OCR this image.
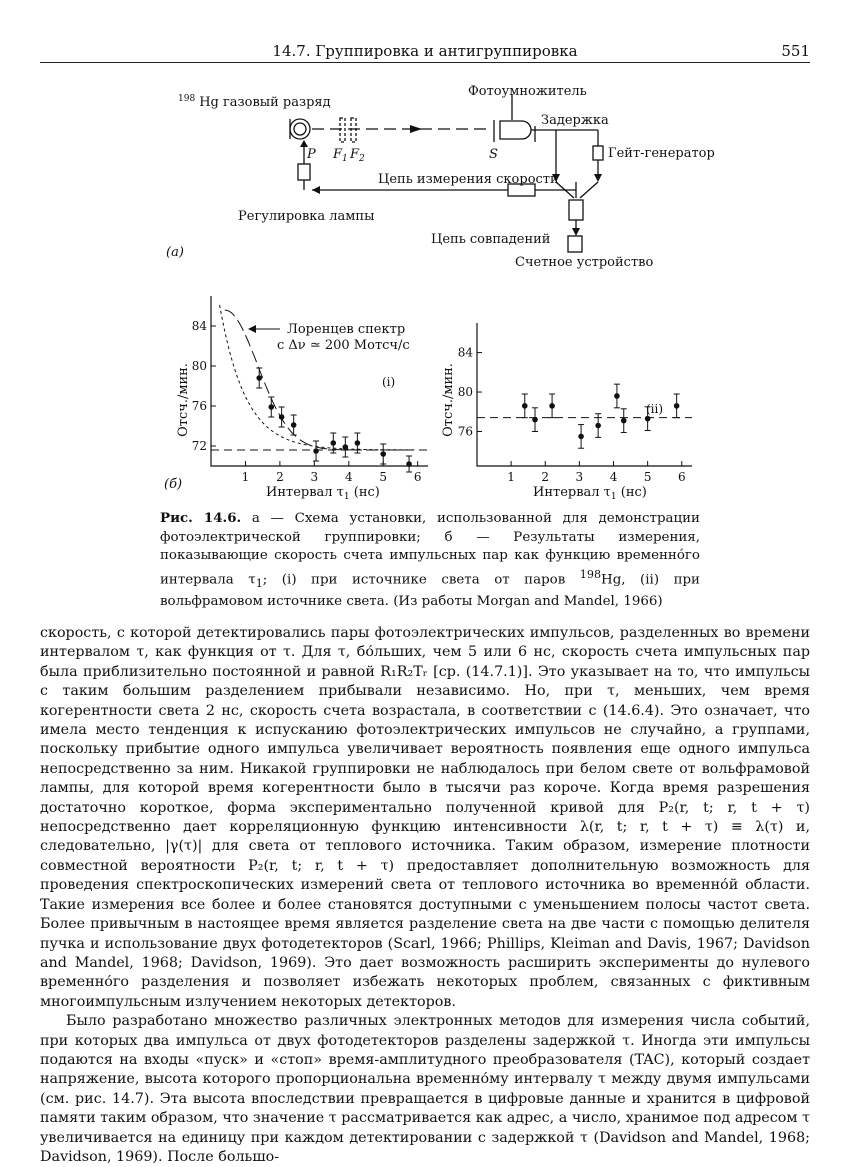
14.7. Группировка и антигруппировка	551
$^{198}$ Hg газовый разряд
Фотоумножитель
Задержка
Гейт-генератор
Цепь измерения скорости
Регулировка лампы
Цепь совпадений
Счетное устройство
P $F_1$ $F_2$	S
(a)
1 2 3 4 5 6
72
76
80
84
(i)
1 2 3 4 5 6
76
80
84
(ii)
(б)
Интервал $\tau_1$ (нс)	Интервал $\tau_1$ (нс)
Отсч./мин.	Отсч./мин.
Лоренцев спектр
с Δν ≃ 200 Мотсч/с
Рис. 14.6. а — Схема установки, использованной для демонстрации фотоэлектрической группировки; б — Результаты измерения, показывающие скорость счета импульсных пар как функцию временно́го интервала $\tau_1$; (i) при источнике света от паров $^{198}$Hg, (ii) при вольфрамовом источнике света. (Из работы Morgan and Mandel, 1966)

скорость, с которой детектировались пары фотоэлектрических импульсов, разделенных во времени интервалом τ, как функция от τ. Для τ, бо́льших, чем 5 или 6 нс, скорость счета импульсных пар была приблизительно постоянной и равной R₁R₂Tᵣ [ср. (14.7.1)]. Это указывает на то, что импульсы с таким большим разделением прибывали независимо. Но, при τ, меньших, чем время когерентности света 2 нс, скорость счета возрастала, в соответствии с (14.6.4). Это означает, что имела место тенденция к испусканию фотоэлектрических импульсов не случайно, а группами, поскольку прибытие одного импульса увеличивает вероятность появления еще одного импульса непосредственно за ним. Никакой группировки не наблюдалось при белом свете от вольфрамовой лампы, для которой время когерентности было в тысячи раз короче. Когда время разрешения достаточно короткое, форма экспериментально полученной кривой для P₂(r, t; r, t + τ) непосредственно дает корреляционную функцию интенсивности λ(r, t; r, t + τ) ≡ λ(τ) и, следовательно, |γ(τ)| для света от теплового источника. Таким образом, измерение плотности совместной вероятности P₂(r, t; r, t + τ) предоставляет дополнительную возможность для проведения спектроскопических измерений света от теплового источника во временно́й области. Такие измерения все более и более становятся доступными с уменьшением полосы частот света. Более привычным в настоящее время является разделение света на две части с помощью делителя пучка и использование двух фотодетекторов (Scarl, 1966; Phillips, Kleiman and Davis, 1967; Davidson and Mandel, 1968; Davidson, 1969). Это дает возможность расширить эксперименты до нулевого временно́го разделения и позволяет избежать некоторых проблем, связанных с фиктивным многоимпульсным излучением некоторых детекторов.

Было разработано множество различных электронных методов для измерения числа событий, при которых два импульса от двух фотодетекторов разделены задержкой τ. Иногда эти импульсы подаются на входы «пуск» и «стоп» время-амплитудного преобразователя (TAC), который создает напряжение, высота которого пропорциональна временно́му интервалу τ между двумя импульсами (см. рис. 14.7). Эта высота впоследствии превращается в цифровые данные и хранится в цифровой памяти таким образом, что значение τ рассматривается как адрес, а число, хранимое под адресом τ увеличивается на единицу при каждом детектировании с задержкой τ (Davidson and Mandel, 1968; Davidson, 1969). После большо-
